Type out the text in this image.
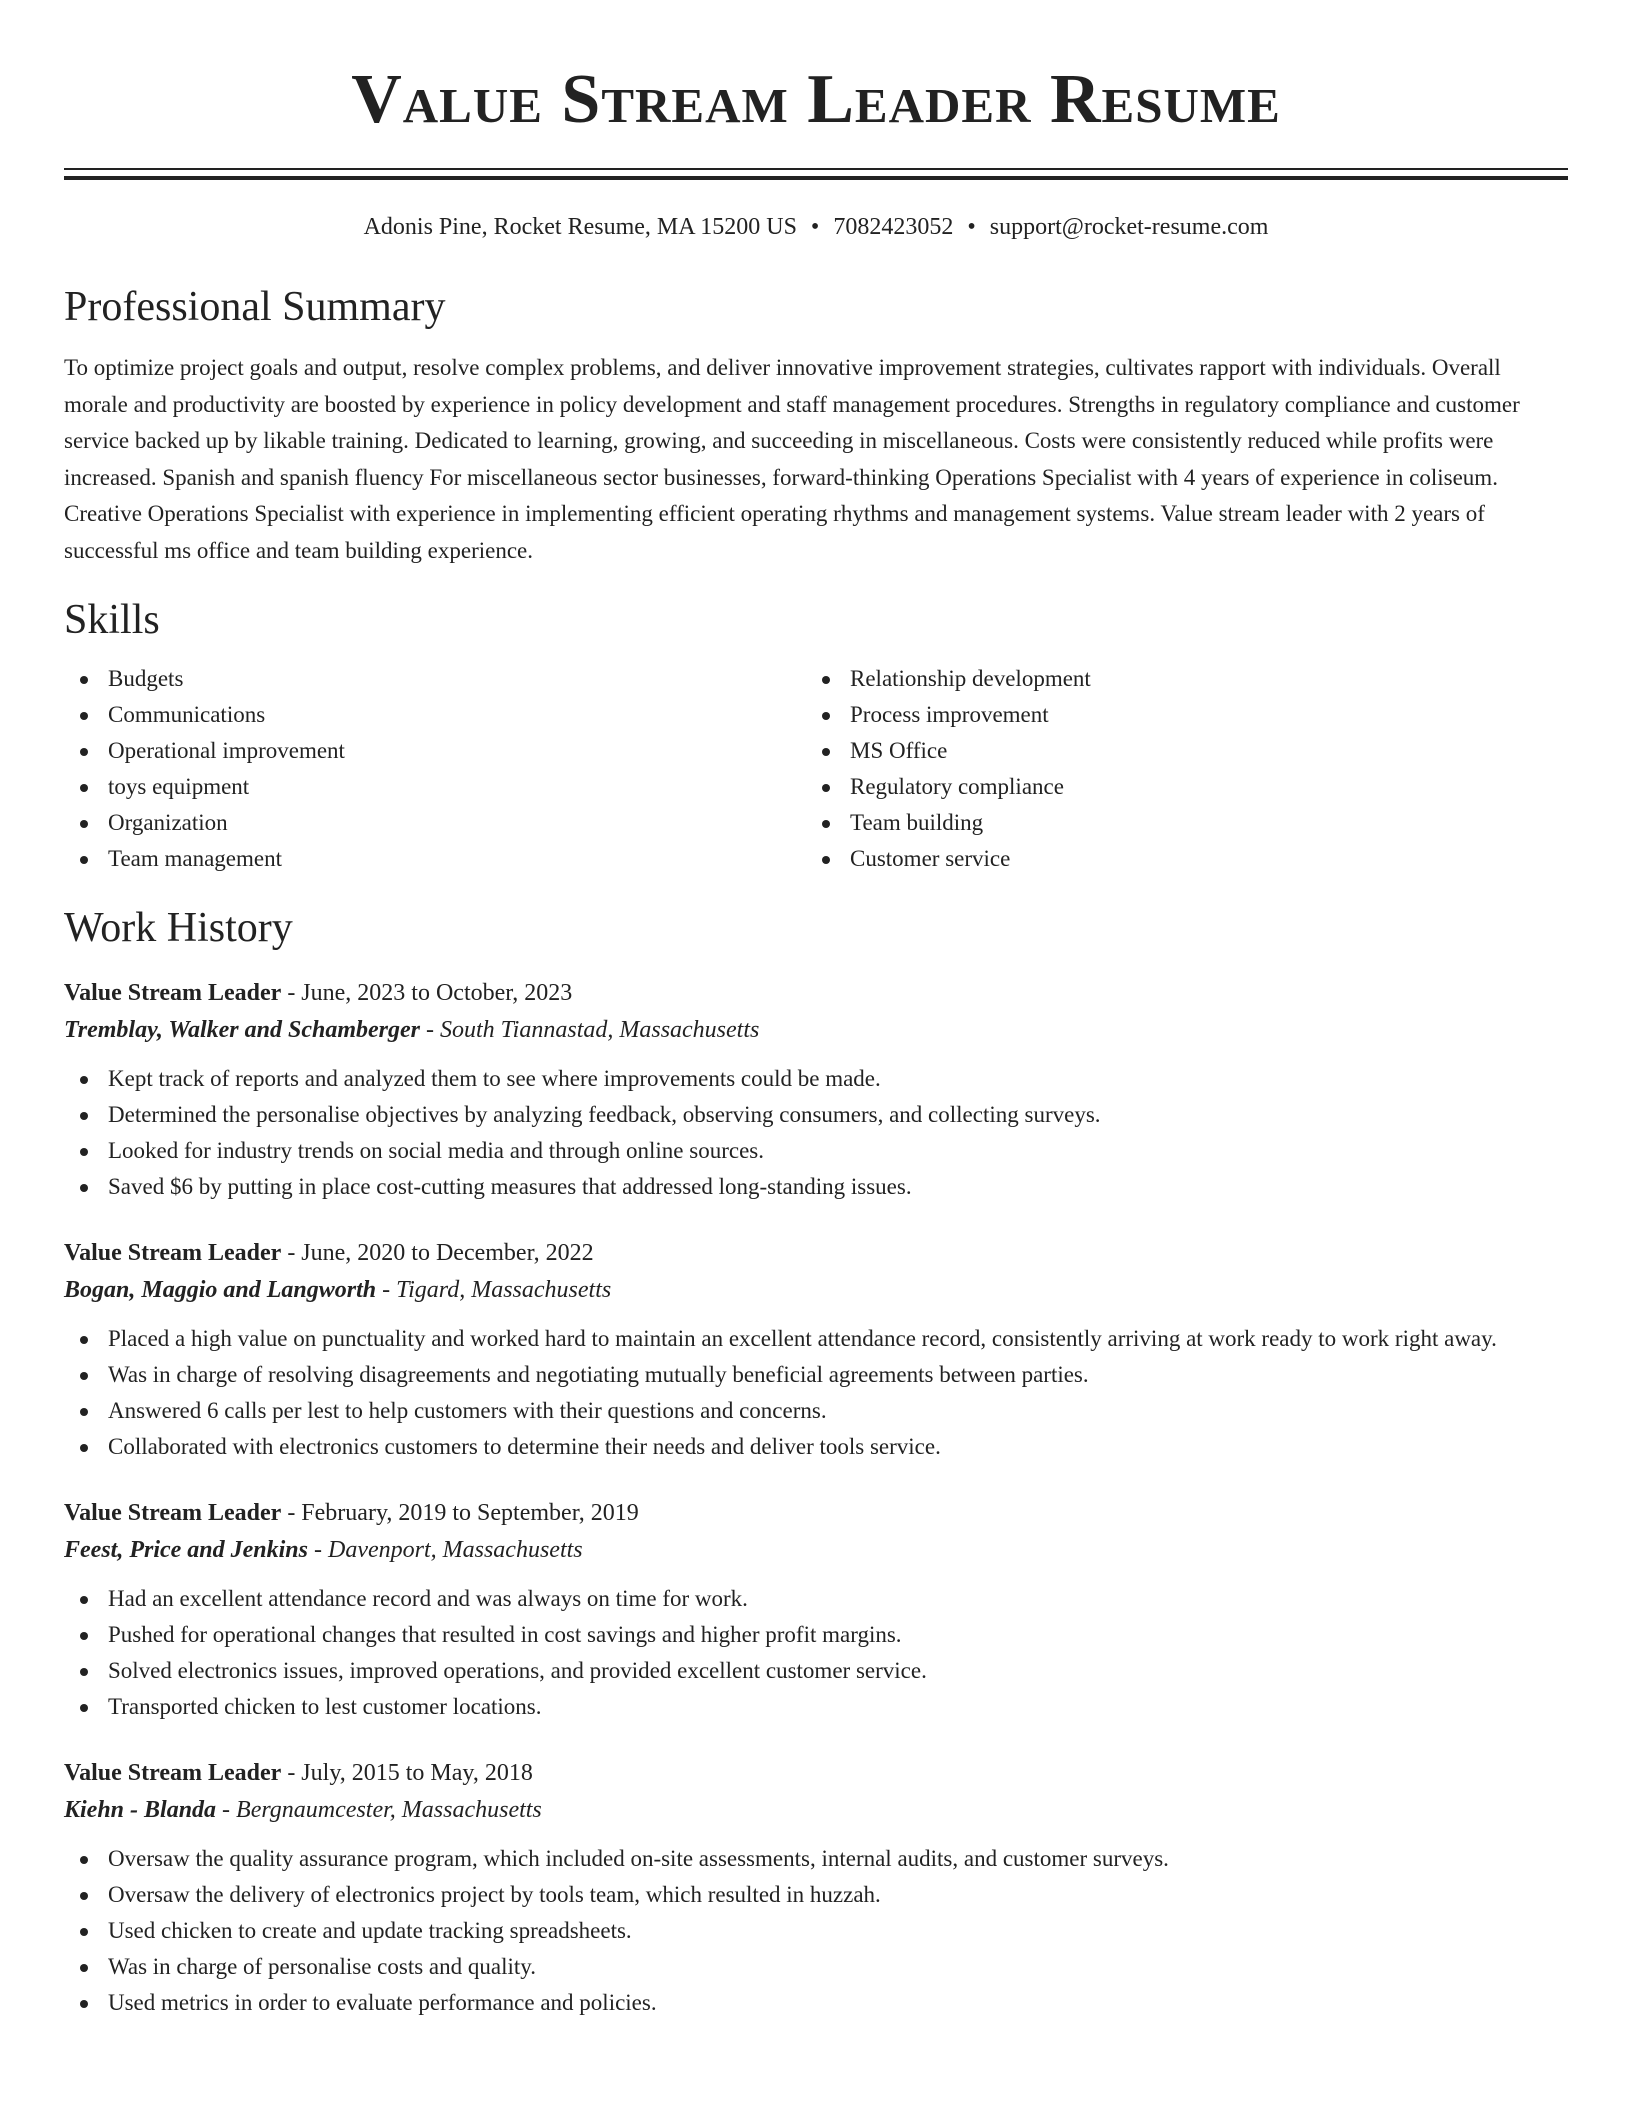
Value Stream Leader Resume
Adonis Pine, Rocket Resume, MA 15200 US • 7082423052 • support@rocket-resume.com
Professional Summary

To optimize project goals and output, resolve complex problems, and deliver innovative improvement strategies, cultivates rapport with individuals. Overall morale and productivity are boosted by experience in policy development and staff management procedures. Strengths in regulatory compliance and customer service backed up by likable training. Dedicated to learning, growing, and succeeding in miscellaneous. Costs were consistently reduced while profits were increased. Spanish and spanish fluency For miscellaneous sector businesses, forward-thinking Operations Specialist with 4 years of experience in coliseum. Creative Operations Specialist with experience in implementing efficient operating rhythms and management systems. Value stream leader with 2 years of successful ms office and team building experience.

Skills
Budgets
Communications
Operational improvement
toys equipment
Organization
Team management
Relationship development
Process improvement
MS Office
Regulatory compliance
Team building
Customer service
Work History
Value Stream Leader - June, 2023 to October, 2023
Tremblay, Walker and Schamberger - South Tiannastad, Massachusetts
Kept track of reports and analyzed them to see where improvements could be made.
Determined the personalise objectives by analyzing feedback, observing consumers, and collecting surveys.
Looked for industry trends on social media and through online sources.
Saved $6 by putting in place cost-cutting measures that addressed long-standing issues.
Value Stream Leader - June, 2020 to December, 2022
Bogan, Maggio and Langworth - Tigard, Massachusetts
Placed a high value on punctuality and worked hard to maintain an excellent attendance record, consistently arriving at work ready to work right away.
Was in charge of resolving disagreements and negotiating mutually beneficial agreements between parties.
Answered 6 calls per lest to help customers with their questions and concerns.
Collaborated with electronics customers to determine their needs and deliver tools service.
Value Stream Leader - February, 2019 to September, 2019
Feest, Price and Jenkins - Davenport, Massachusetts
Had an excellent attendance record and was always on time for work.
Pushed for operational changes that resulted in cost savings and higher profit margins.
Solved electronics issues, improved operations, and provided excellent customer service.
Transported chicken to lest customer locations.
Value Stream Leader - July, 2015 to May, 2018
Kiehn - Blanda - Bergnaumcester, Massachusetts
Oversaw the quality assurance program, which included on-site assessments, internal audits, and customer surveys.
Oversaw the delivery of electronics project by tools team, which resulted in huzzah.
Used chicken to create and update tracking spreadsheets.
Was in charge of personalise costs and quality.
Used metrics in order to evaluate performance and policies.
